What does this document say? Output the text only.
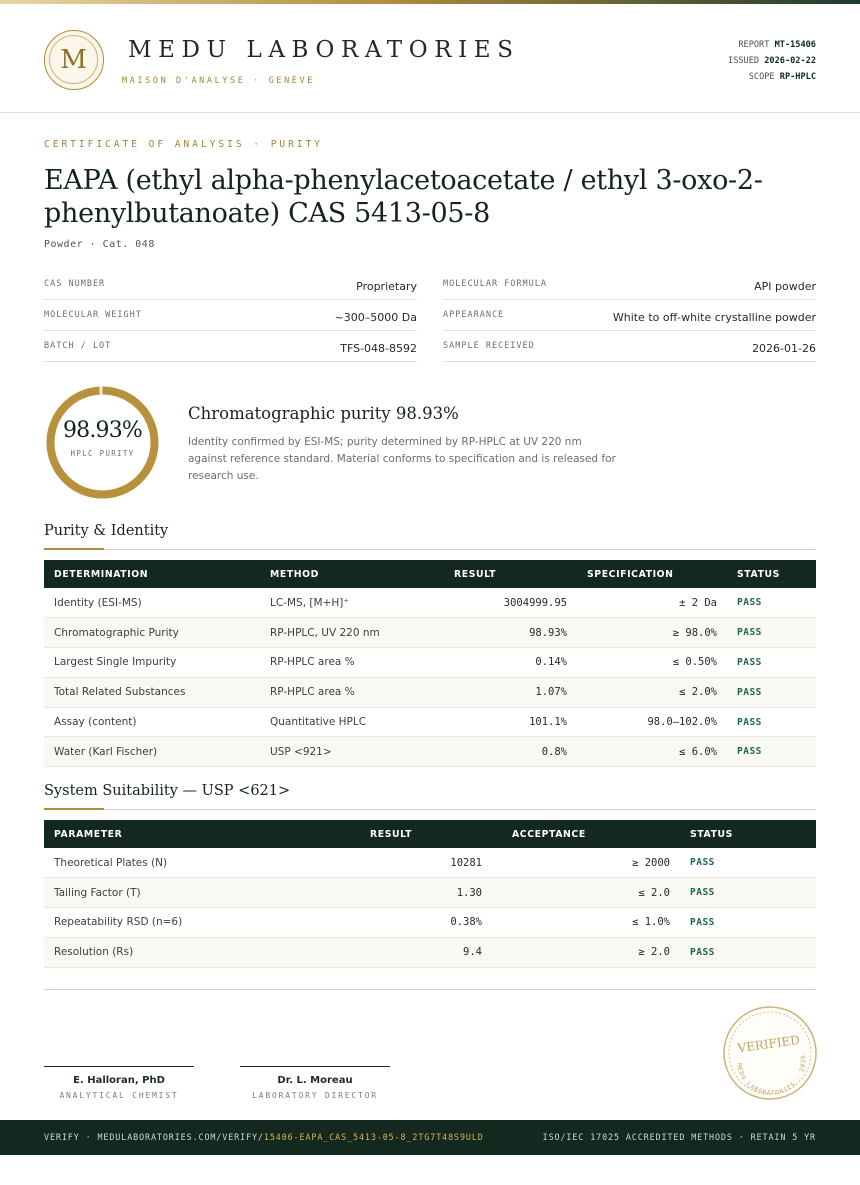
M	MEDU LABORATORIES
MAISON D'ANALYSE · GENÈVE
REPORT MT-15406
ISSUED 2026-02-22
SCOPE RP-HPLC
CERTIFICATE OF ANALYSIS · PURITY
EAPA (ethyl alpha-phenylacetoacetate / ethyl 3-oxo-2-phenylbutanoate) CAS 5413-05-8
Powder · Cat. 048
CAS NUMBER	Proprietary	MOLECULAR FORMULA	API powder
MOLECULAR WEIGHT	~300–5000 Da	APPEARANCE	White to off-white crystalline powder
BATCH / LOT	TFS-048-8592	SAMPLE RECEIVED	2026-01-26
98.93%
HPLC PURITY
Chromatographic purity 98.93%
Identity confirmed by ESI-MS; purity determined by RP-HPLC at UV 220 nm against reference standard. Material conforms to specification and is released for research use.
Purity & Identity
DETERMINATION	METHOD	RESULT	SPECIFICATION	STATUS
Identity (ESI-MS)	LC-MS, [M+H]⁺	3004999.95	± 2 Da	PASS
Chromatographic Purity	RP-HPLC, UV 220 nm	98.93%	≥ 98.0%	PASS
Largest Single Impurity	RP-HPLC area %	0.14%	≤ 0.50%	PASS
Total Related Substances	RP-HPLC area %	1.07%	≤ 2.0%	PASS
Assay (content)	Quantitative HPLC	101.1%	98.0–102.0%	PASS
Water (Karl Fischer)	USP <921>	0.8%	≤ 6.0%	PASS
System Suitability — USP <621>
PARAMETER	RESULT	ACCEPTANCE	STATUS
Theoretical Plates (N)	10281	≥ 2000	PASS
Tailing Factor (T)	1.30	≤ 2.0	PASS
Repeatability RSD (n=6)	0.38%	≤ 1.0%	PASS
Resolution (Rs)	9.4	≥ 2.0	PASS
E. Halloran, PhD
ANALYTICAL CHEMIST
Dr. L. Moreau
LABORATORY DIRECTOR
VERIFIED
MEDU LABORATORIES · 2026
VERIFY · MEDULABORATORIES.COM/VERIFY/15406-EAPA_CAS_5413-05-8_2TG7T48S9ULD	ISO/IEC 17025 ACCREDITED METHODS · RETAIN 5 YR
